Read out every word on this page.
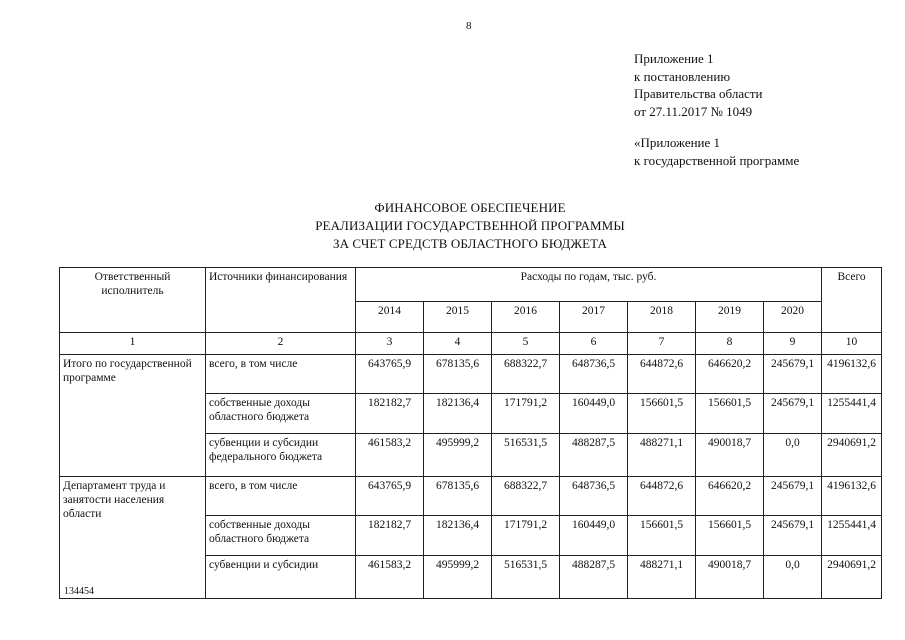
8
Приложение 1
к постановлению
Правительства области
от 27.11.2017 № 1049
«Приложение 1
к государственной программе
ФИНАНСОВОЕ ОБЕСПЕЧЕНИЕ
РЕАЛИЗАЦИИ ГОСУДАРСТВЕННОЙ ПРОГРАММЫ
ЗА СЧЕТ СРЕДСТВ ОБЛАСТНОГО БЮДЖЕТА
Ответственный исполнитель	Источники финансирования	Расходы по годам, тыс. руб.							Всего
		2014	2015	2016	2017	2018	2019	2020	
1	2	3	4	5	6	7	8	9	10
Итого по государственной программе	всего, в том числе	643765,9	678135,6	688322,7	648736,5	644872,6	646620,2	245679,1	4196132,6
	собственные доходы областного бюджета	182182,7	182136,4	171791,2	160449,0	156601,5	156601,5	245679,1	1255441,4
	субвенции и субсидии федерального бюджета	461583,2	495999,2	516531,5	488287,5	488271,1	490018,7	0,0	2940691,2
Департамент труда и занятости населения области	всего, в том числе	643765,9	678135,6	688322,7	648736,5	644872,6	646620,2	245679,1	4196132,6
	собственные доходы областного бюджета	182182,7	182136,4	171791,2	160449,0	156601,5	156601,5	245679,1	1255441,4
	субвенции и субсидии	461583,2	495999,2	516531,5	488287,5	488271,1	490018,7	0,0	2940691,2
134454
